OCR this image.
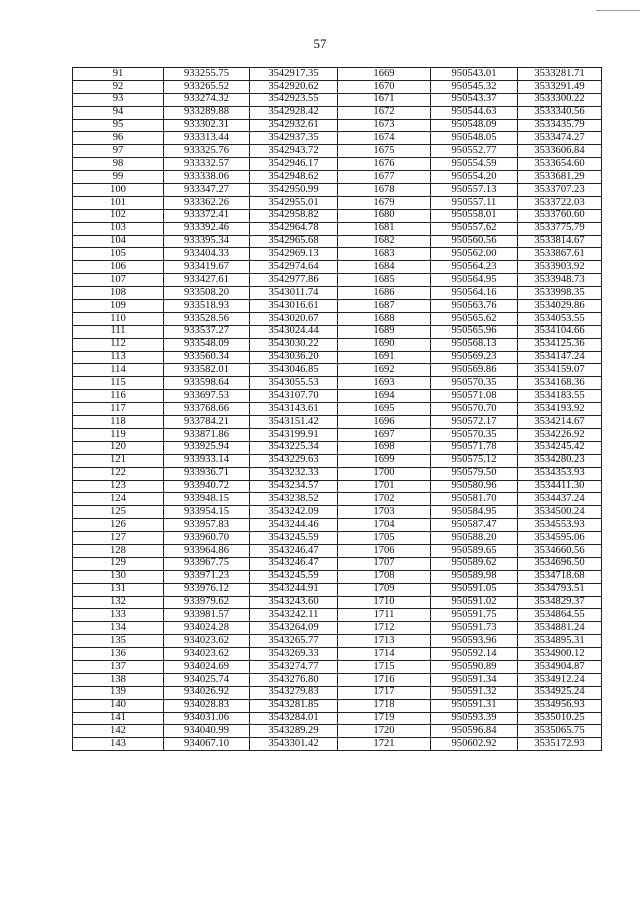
57
91	933255.75	3542917.35	1669	950543.01	3533281.71
92	933265.52	3542920.62	1670	950545.32	3533291.49
93	933274.32	3542923.55	1671	950543.37	3533300.22
94	933289.88	3542928.42	1672	950544.63	3533340.56
95	933302.31	3542932.61	1673	950548.09	3533435.79
96	933313.44	3542937.35	1674	950548.05	3533474.27
97	933325.76	3542943.72	1675	950552.77	3533606.84
98	933332.57	3542946.17	1676	950554.59	3533654.60
99	933338.06	3542948.62	1677	950554.20	3533681.29
100	933347.27	3542950.99	1678	950557.13	3533707.23
101	933362.26	3542955.01	1679	950557.11	3533722.03
102	933372.41	3542958.82	1680	950558.01	3533760.60
103	933392.46	3542964.78	1681	950557.62	3533775.79
104	933395.34	3542965.68	1682	950560.56	3533814.67
105	933404.33	3542969.13	1683	950562.00	3533867.61
106	933419.67	3542974.64	1684	950564.23	3533903.92
107	933427.61	3542977.86	1685	950564.95	3533948.73
108	933508.20	3543011.74	1686	950564.16	3533998.35
109	933518.93	3543016.61	1687	950563.76	3534029.86
110	933528.56	3543020.67	1688	950565.62	3534053.55
111	933537.27	3543024.44	1689	950565.96	3534104.66
112	933548.09	3543030.22	1690	950568.13	3534125.36
113	933560.34	3543036.20	1691	950569.23	3534147.24
114	933582.01	3543046.85	1692	950569.86	3534159.07
115	933598.64	3543055.53	1693	950570.35	3534168.36
116	933697.53	3543107.70	1694	950571.08	3534183.55
117	933768.66	3543143.61	1695	950570.70	3534193.92
118	933784.21	3543151.42	1696	950572.17	3534214.67
119	933871.86	3543199.91	1697	950570.35	3534226.92
120	933925.94	3543225.34	1698	950571.78	3534245.42
121	933933.14	3543229.63	1699	950575.12	3534280.23
122	933936.71	3543232.33	1700	950579.50	3534353.93
123	933940.72	3543234.57	1701	950580.96	3534411.30
124	933948.15	3543238.52	1702	950581.70	3534437.24
125	933954.15	3543242.09	1703	950584.95	3534500.24
126	933957.83	3543244.46	1704	950587.47	3534553.93
127	933960.70	3543245.59	1705	950588.20	3534595.06
128	933964.86	3543246.47	1706	950589.65	3534660.56
129	933967.75	3543246.47	1707	950589.62	3534696.50
130	933971.23	3543245.59	1708	950589.98	3534718.68
131	933976.12	3543244.91	1709	950591.05	3534793.51
132	933979.62	3543243.60	1710	950591.02	3534829.37
133	933981.57	3543242.11	1711	950591.75	3534864.55
134	934024.28	3543264.09	1712	950591.73	3534881.24
135	934023.62	3543265.77	1713	950593.96	3534895.31
136	934023.62	3543269.33	1714	950592.14	3534900.12
137	934024.69	3543274.77	1715	950590.89	3534904.87
138	934025.74	3543276.80	1716	950591.34	3534912.24
139	934026.92	3543279.83	1717	950591.32	3534925.24
140	934028.83	3543281.85	1718	950591.31	3534956.93
141	934031.06	3543284.01	1719	950593.39	3535010.25
142	934040.99	3543289.29	1720	950596.84	3535065.75
143	934067.10	3543301.42	1721	950602.92	3535172.93
